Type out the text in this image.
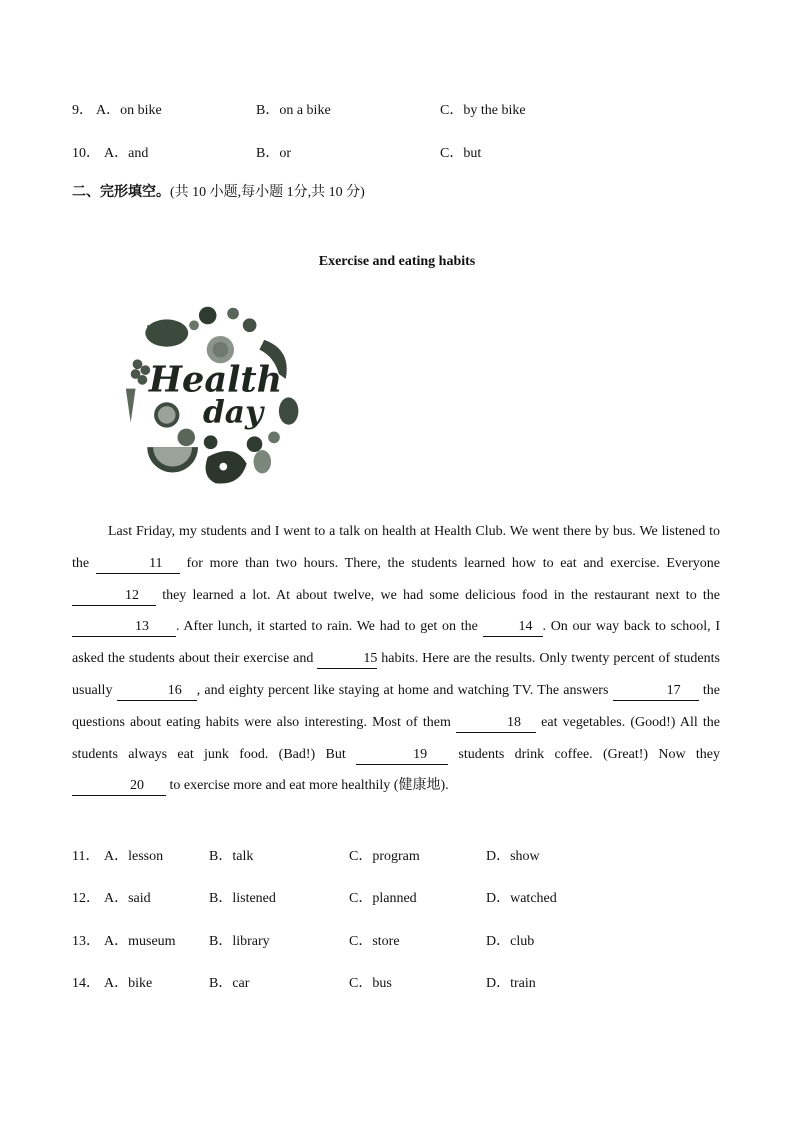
9． A．on bike	B．on a bike	C．by the bike
10． A．and	B．or	C．but
二、完形填空。(共 10 小题,每小题 1分,共 10 分)
Exercise and eating habits
Health
day

Last Friday, my students and I went to a talk on health at Health Club. We went there by bus. We listened to the	11 for more than two hours. There, the students learned how to eat and exercise. Everyone 12 they learned a lot. At about twelve, we had some delicious food in the restaurant next to the 13 . After lunch, it started to rain. We had to get on the	14 . On our way back to school, I asked the students about their exercise and	15 habits. Here are the results. Only twenty percent of students usually	16 , and eighty percent like staying at home and watching TV. The answers	17 the questions about eating habits were also interesting. Most of them	18 eat vegetables. (Good!) All the students always eat junk food. (Bad!) But	19 students drink coffee. (Great!) Now they 20 to exercise more and eat more healthily (健康地).

11． A．lesson	B．talk	C．program	D．show
12． A．said	B．listened	C．planned	D．watched
13． A．museum B．library	C．store	D．club
14． A．bike	B．car	C．bus	D．train
